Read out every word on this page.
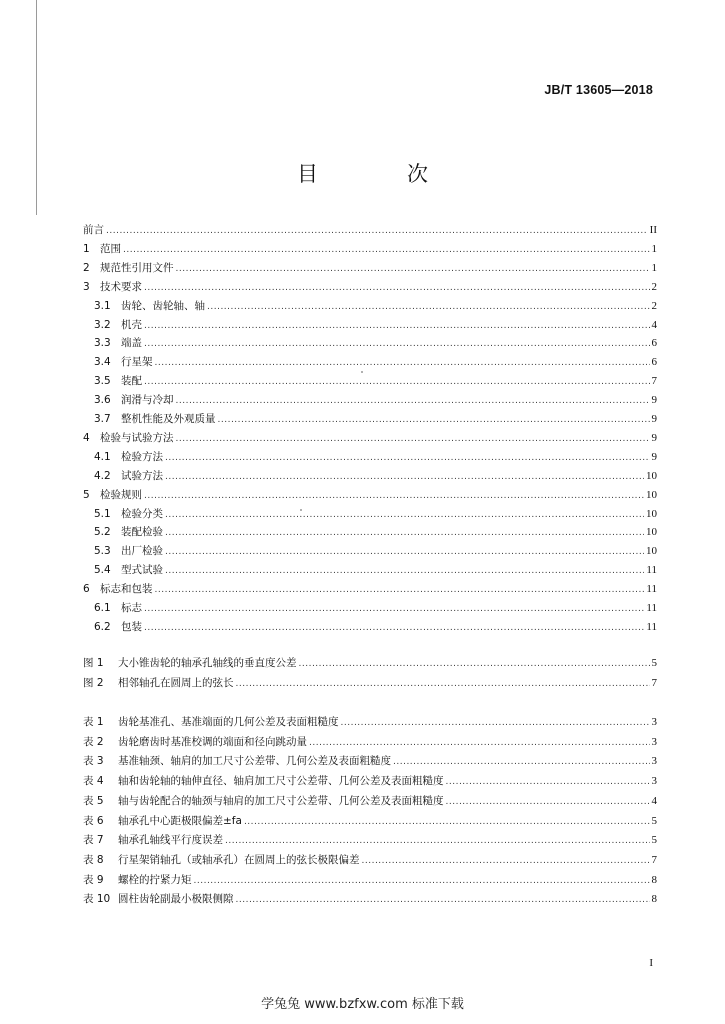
JB/T 13605—2018
目　次
前言 .....	II
1 范围 .....	1
2 规范性引用文件 .....	1
3 技术要求 .....	2
3.1 齿轮、齿轮轴、轴 .....	2
3.2 机壳 .....	4
3.3 端盖 .....	6
3.4 行星架 .....	6
3.5 装配 .....	7
3.6 润滑与冷却 .....	9
3.7 整机性能及外观质量 .....	9
4 检验与试验方法 .....	9
4.1 检验方法 .....	9
4.2 试验方法 .....	10
5 检验规则 .....	10
5.1 检验分类 .....	10
5.2 装配检验 .....	10
5.3 出厂检验 .....	10
5.4 型式试验 .....	11
6 标志和包装 .....	11
6.1 标志 .....	11
6.2 包装 .....	11
图 1	大小锥齿轮的轴承孔轴线的垂直度公差 .....	5
图 2	相邻轴孔在圆周上的弦长 .....	7
表 1	齿轮基准孔、基准端面的几何公差及表面粗糙度 .....	3
表 2	齿轮磨齿时基准校调的端面和径向跳动量 .....	3
表 3	基准轴颈、轴肩的加工尺寸公差带、几何公差及表面粗糙度 .....	3
表 4	轴和齿轮轴的轴伸直径、轴肩加工尺寸公差带、几何公差及表面粗糙度 .....	3
表 5	轴与齿轮配合的轴颈与轴肩的加工尺寸公差带、几何公差及表面粗糙度 .....	4
表 6	轴承孔中心距极限偏差±fa .....	5
表 7	轴承孔轴线平行度误差 .....	5
表 8	行星架销轴孔（或轴承孔）在圆周上的弦长极限偏差 .....	7
表 9	螺栓的拧紧力矩 .....	8
表 10 圆柱齿轮副最小极限侧隙 .....	8
I
学兔兔 www.bzfxw.com 标准下载
